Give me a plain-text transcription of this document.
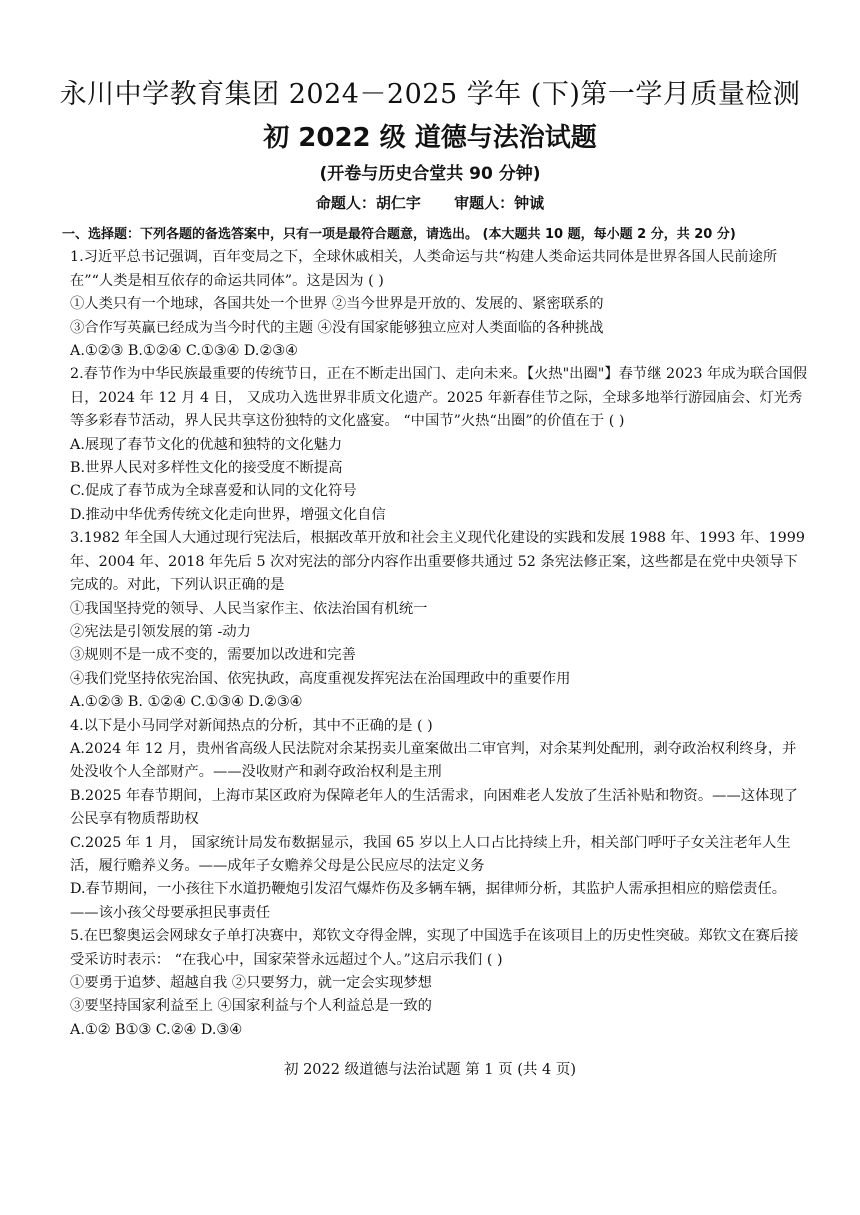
永川中学教育集团 2024－2025 学年 (下)第一学月质量检测
初 2022 级 道德与法治试题
(开卷与历史合堂共 90 分钟)
命题人：胡仁宇 审题人：钟诚
一、选择题：下列各题的备选答案中，只有一项是最符合题意，请选出。 (本大题共 10 题，每小题 2 分，共 20 分)
1.习近平总书记强调，百年变局之下，全球休戚相关，人类命运与共“构建人类命运共同体是世界各国人民前途所在”“人类是相互依存的命运共同体”。这是因为 ( )
①人类只有一个地球，各国共处一个世界 ②当今世界是开放的、发展的、紧密联系的
③合作写英赢已经成为当今时代的主题 ④没有国家能够独立应对人类面临的各种挑战
A.①②③ B.①②④ C.①③④ D.②③④
2.春节作为中华民族最重要的传统节日，正在不断走出国门、走向未来。【火热"出圈"】春节继 2023 年成为联合国假日，2024 年 12 月 4 日， 又成功入选世界非质文化遗产。2025 年新春佳节之际，全球多地举行游园庙会、灯光秀等多彩春节活动，界人民共享这份独特的文化盛宴。 “中国节”火热“出圈”的价值在于 ( )
A.展现了春节文化的优越和独特的文化魅力
B.世界人民对多样性文化的接受度不断提高
C.促成了春节成为全球喜爱和认同的文化符号
D.推动中华优秀传统文化走向世界，增强文化自信
3.1982 年全国人大通过现行宪法后，根据改革开放和社会主义现代化建设的实践和发展 1988 年、1993 年、1999 年、2004 年、2018 年先后 5 次对宪法的部分内容作出重要修共通过 52 条宪法修正案，这些都是在党中央领导下完成的。对此，下列认识正确的是
①我国坚持党的领导、人民当家作主、依法治国有机统一
②宪法是引领发展的第 -动力
③规则不是一成不变的，需要加以改进和完善
④我们党坚持依宪治国、依宪执政，高度重视发挥宪法在治国理政中的重要作用
A.①②③ B. ①②④ C.①③④ D.②③④
4.以下是小马同学对新闻热点的分析，其中不正确的是 ( )
A.2024 年 12 月，贵州省高级人民法院对余某拐卖儿童案做出二审官判，对余某判处配刑，剥夺政治权利终身，并处没收个人全部财产。——没收财产和剥夺政治权利是主刑
B.2025 年春节期间，上海市某区政府为保障老年人的生活需求，向困难老人发放了生活补贴和物资。——这体现了公民享有物质帮助权
C.2025 年 1 月， 国家统计局发布数据显示，我国 65 岁以上人口占比持续上升，相关部门呼吁子女关注老年人生活，履行赡养义务。——成年子女赡养父母是公民应尽的法定义务
D.春节期间，一小孩往下水道扔鞭炮引发沼气爆炸伤及多辆车辆，据律师分析，其监护人需承担相应的赔偿责任。——该小孩父母要承担民事责任
5.在巴黎奥运会网球女子单打决赛中，郑钦文夺得金牌，实现了中国选手在该项目上的历史性突破。郑钦文在赛后接受采访时表示： “在我心中，国家荣誉永远超过个人。”这启示我们 ( )
①要勇于追梦、超越自我 ②只要努力，就一定会实现梦想
③要坚持国家利益至上 ④国家利益与个人利益总是一致的
A.①② B①③ C.②④ D.③④
初 2022 级道德与法治试题 第 1 页 (共 4 页)
